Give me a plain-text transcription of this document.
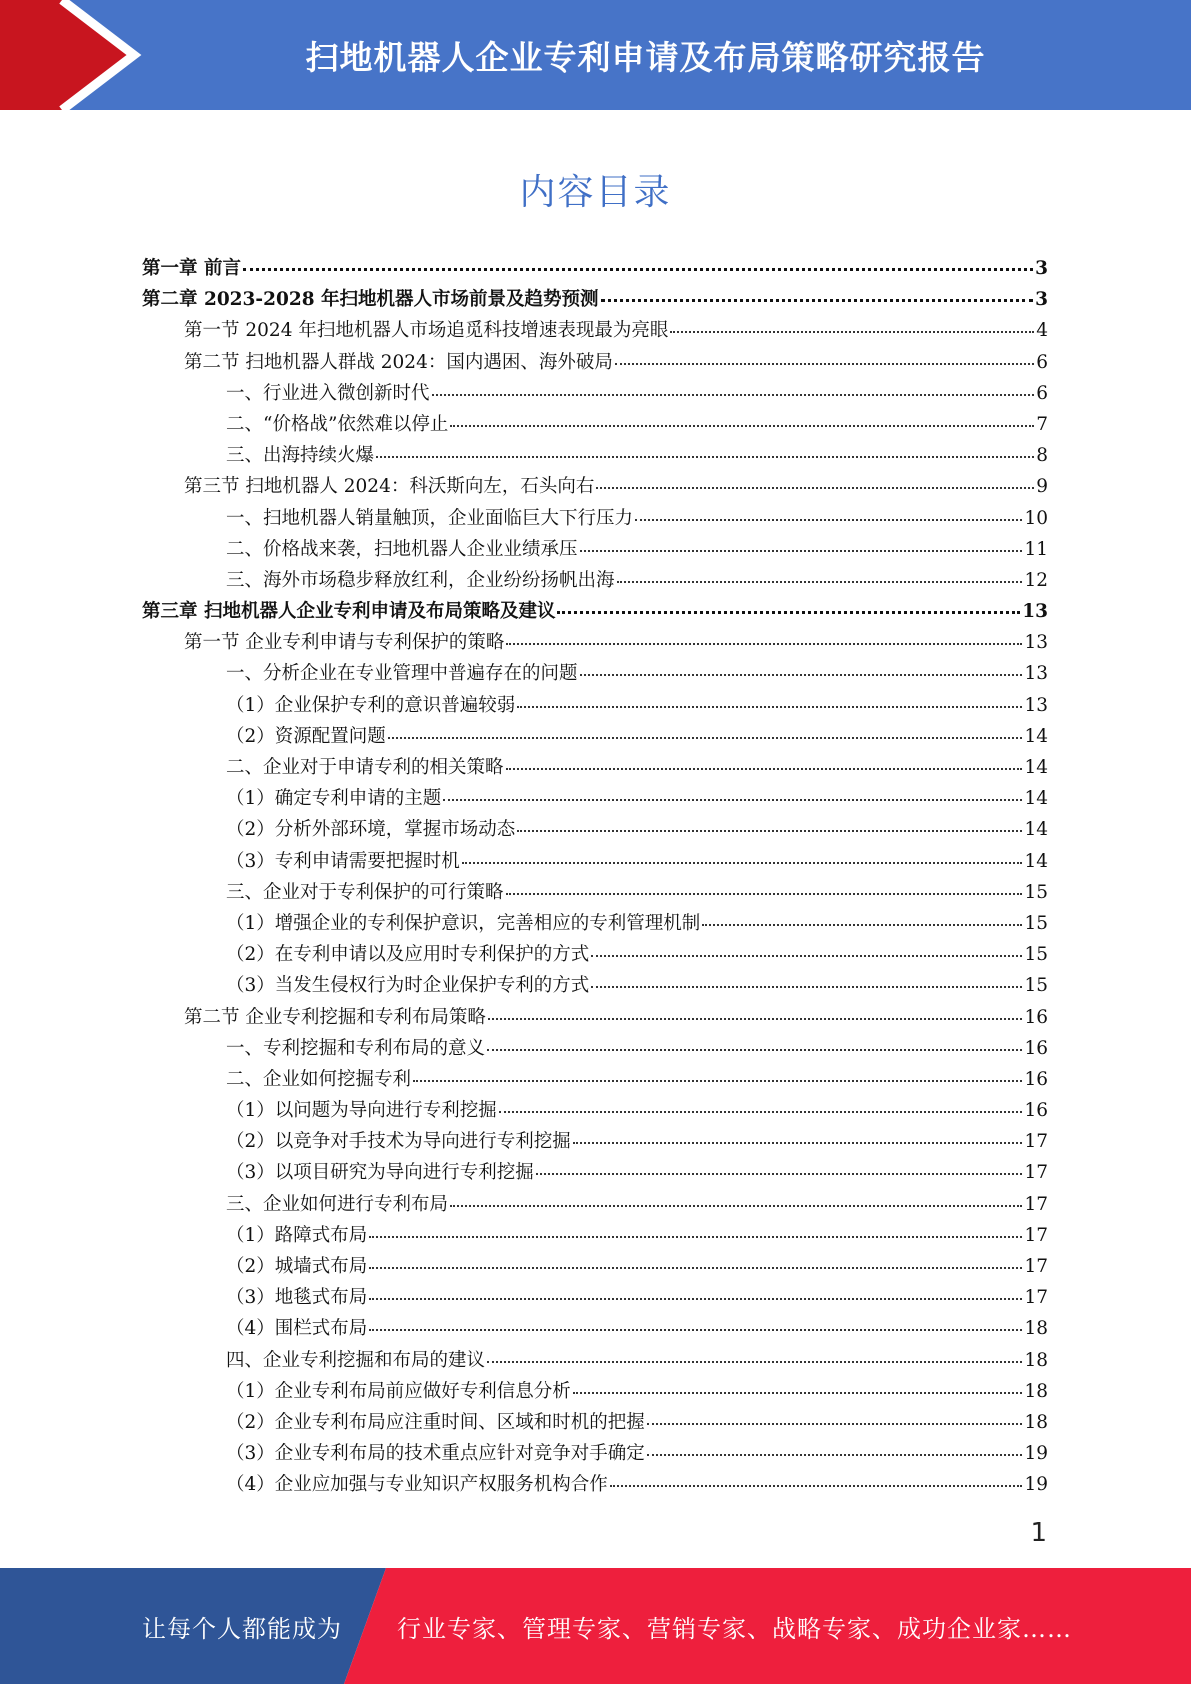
扫地机器人企业专利申请及布局策略研究报告
内容目录
第一章 前言	3
第二章 2023-2028 年扫地机器人市场前景及趋势预测	3
第一节 2024 年扫地机器人市场追觅科技增速表现最为亮眼	4
第二节 扫地机器人群战 2024：国内遇困、海外破局	6
一、行业进入微创新时代	6
二、“价格战”依然难以停止	7
三、出海持续火爆	8
第三节 扫地机器人 2024：科沃斯向左，石头向右	9
一、扫地机器人销量触顶，企业面临巨大下行压力	10
二、价格战来袭，扫地机器人企业业绩承压	11
三、海外市场稳步释放红利，企业纷纷扬帆出海	12
第三章 扫地机器人企业专利申请及布局策略及建议	13
第一节 企业专利申请与专利保护的策略	13
一、分析企业在专业管理中普遍存在的问题	13
（1）企业保护专利的意识普遍较弱	13
（2）资源配置问题	14
二、企业对于申请专利的相关策略	14
（1）确定专利申请的主题	14
（2）分析外部环境，掌握市场动态	14
（3）专利申请需要把握时机	14
三、企业对于专利保护的可行策略	15
（1）增强企业的专利保护意识，完善相应的专利管理机制	15
（2）在专利申请以及应用时专利保护的方式	15
（3）当发生侵权行为时企业保护专利的方式	15
第二节 企业专利挖掘和专利布局策略	16
一、专利挖掘和专利布局的意义	16
二、企业如何挖掘专利	16
（1）以问题为导向进行专利挖掘	16
（2）以竞争对手技术为导向进行专利挖掘	17
（3）以项目研究为导向进行专利挖掘	17
三、企业如何进行专利布局	17
（1）路障式布局	17
（2）城墙式布局	17
（3）地毯式布局	17
（4）围栏式布局	18
四、企业专利挖掘和布局的建议	18
（1）企业专利布局前应做好专利信息分析	18
（2）企业专利布局应注重时间、区域和时机的把握	18
（3）企业专利布局的技术重点应针对竞争对手确定	19
（4）企业应加强与专业知识产权服务机构合作	19
1
让每个人都能成为 行业专家、管理专家、营销专家、战略专家、成功企业家……
